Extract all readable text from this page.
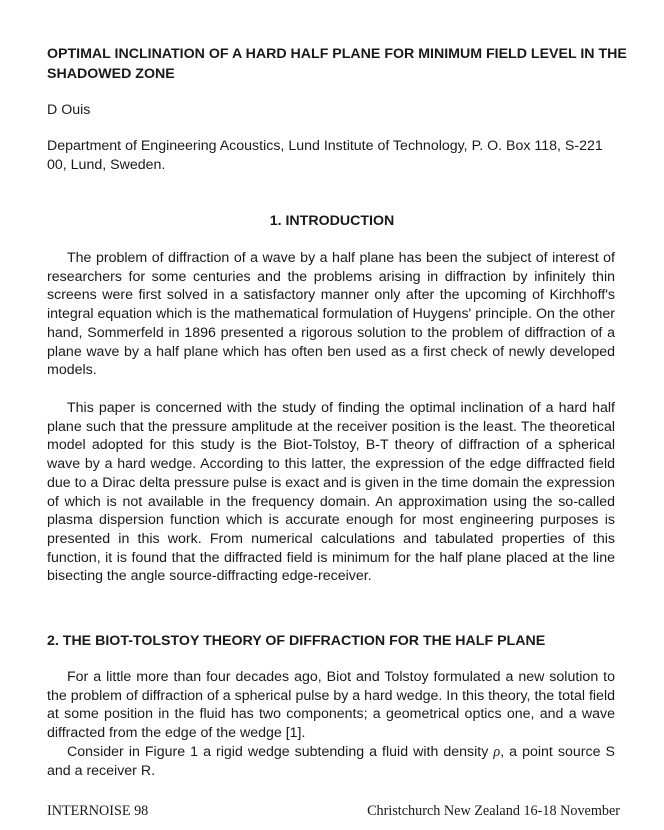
OPTIMAL INCLINATION OF A HARD HALF PLANE FOR MINIMUM FIELD LEVEL IN THE SHADOWED ZONE
D Ouis
Department of Engineering Acoustics, Lund Institute of Technology, P. O. Box 118, S-221 00, Lund, Sweden.
1. INTRODUCTION

The problem of diffraction of a wave by a half plane has been the subject of interest of researchers for some centuries and the problems arising in diffraction by infinitely thin screens were first solved in a satisfactory manner only after the upcoming of Kirchhoff's integral equation which is the mathematical formulation of Huygens' principle. On the other hand, Sommerfeld in 1896 presented a rigorous solution to the problem of diffraction of a plane wave by a half plane which has often ben used as a first check of newly developed models.

This paper is concerned with the study of finding the optimal inclination of a hard half plane such that the pressure amplitude at the receiver position is the least. The theoretical model adopted for this study is the Biot-Tolstoy, B-T theory of diffraction of a spherical wave by a hard wedge. According to this latter, the expression of the edge diffracted field due to a Dirac delta pressure pulse is exact and is given in the time domain the expression of which is not available in the frequency domain. An approximation using the so-called plasma dispersion function which is accurate enough for most engineering purposes is presented in this work. From numerical calculations and tabulated properties of this function, it is found that the diffracted field is minimum for the half plane placed at the line bisecting the angle source-diffracting edge-receiver.

2. THE BIOT-TOLSTOY THEORY OF DIFFRACTION FOR THE HALF PLANE

For a little more than four decades ago, Biot and Tolstoy formulated a new solution to the problem of diffraction of a spherical pulse by a hard wedge. In this theory, the total field at some position in the fluid has two components; a geometrical optics one, and a wave diffracted from the edge of the wedge [1].

Consider in Figure 1 a rigid wedge subtending a fluid with density ρ, a point source S and a receiver R.

INTERNOISE 98	Christchurch New Zealand 16-18 November
